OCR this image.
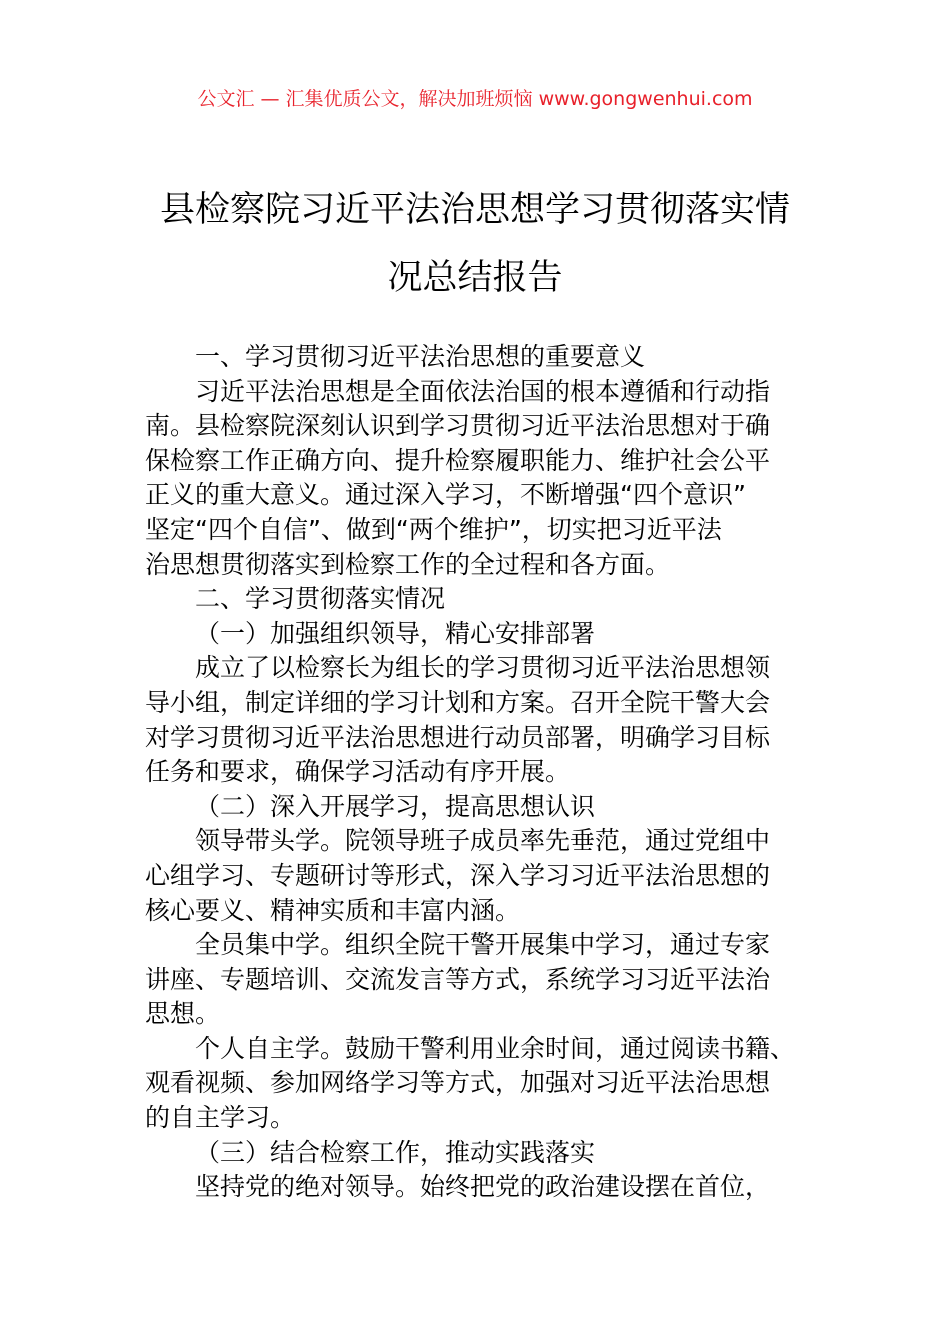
公文汇 — 汇集优质公文，解决加班烦恼 www.gongwenhui.com
县检察院习近平法治思想学习贯彻落实情
况总结报告
一、学习贯彻习近平法治思想的重要意义
习近平法治思想是全面依法治国的根本遵循和行动指
南。县检察院深刻认识到学习贯彻习近平法治思想对于确
保检察工作正确方向、提升检察履职能力、维护社会公平
正义的重大意义。通过深入学习，不断增强“四个意识”
坚定“四个自信”、做到“两个维护”，切实把习近平法
治思想贯彻落实到检察工作的全过程和各方面。
二、学习贯彻落实情况
（一）加强组织领导，精心安排部署
成立了以检察长为组长的学习贯彻习近平法治思想领
导小组，制定详细的学习计划和方案。召开全院干警大会
对学习贯彻习近平法治思想进行动员部署，明确学习目标
任务和要求，确保学习活动有序开展。
（二）深入开展学习，提高思想认识
领导带头学。院领导班子成员率先垂范，通过党组中
心组学习、专题研讨等形式，深入学习习近平法治思想的
核心要义、精神实质和丰富内涵。
全员集中学。组织全院干警开展集中学习，通过专家
讲座、专题培训、交流发言等方式，系统学习习近平法治
思想。
个人自主学。鼓励干警利用业余时间，通过阅读书籍、
观看视频、参加网络学习等方式，加强对习近平法治思想
的自主学习。
（三）结合检察工作，推动实践落实
坚持党的绝对领导。始终把党的政治建设摆在首位，
